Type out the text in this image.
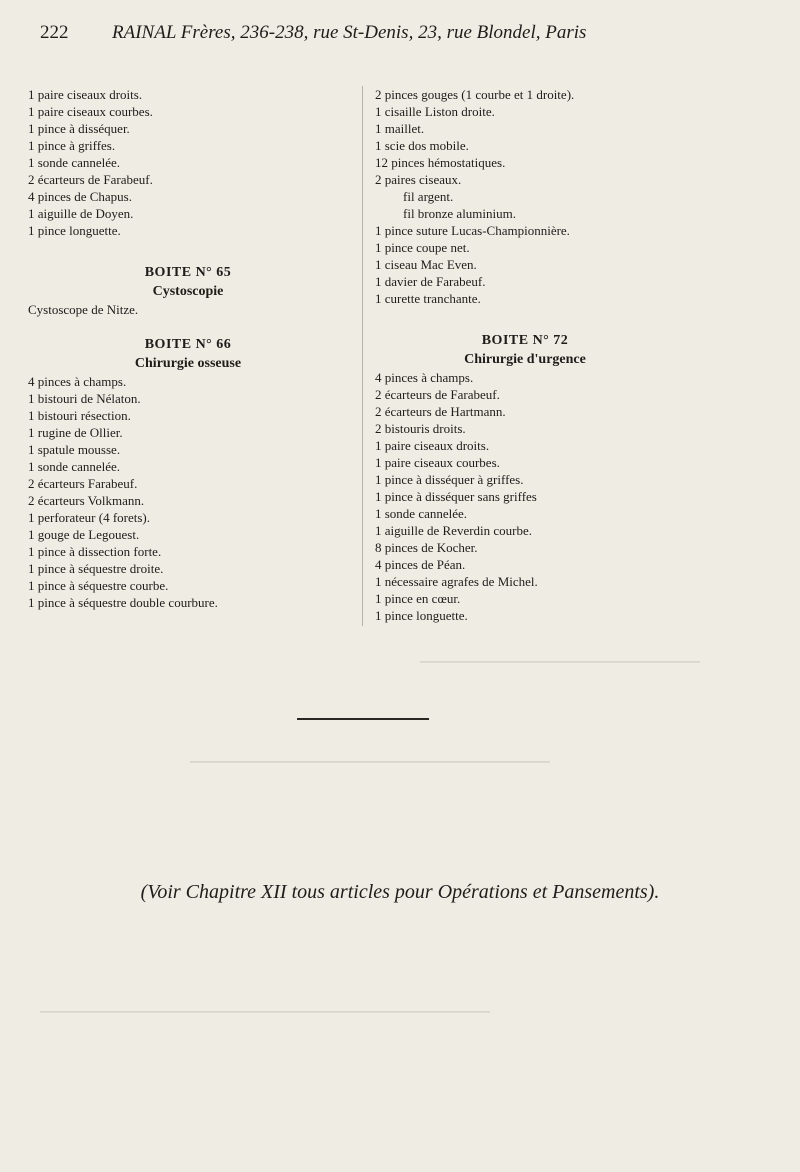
▔▔▔▔▔▔▔▔▔▔▔▔▔▔▔▔▔▔▔▔▔▔▔▔▔▔▔▔
▔▔▔▔▔▔▔▔▔▔▔▔▔▔▔▔▔▔▔▔▔▔▔▔▔▔▔▔▔▔▔▔▔▔▔▔
▔▔▔▔▔▔▔▔▔▔▔▔▔▔▔▔▔▔▔▔▔▔▔▔▔▔▔▔▔▔▔▔▔▔▔▔▔▔▔▔▔▔▔▔▔
222 RAINAL Frères, 236-238, rue St-Denis, 23, rue Blondel, Paris
1 paire ciseaux droits.
1 paire ciseaux courbes.
1 pince à disséquer.
1 pince à griffes.
1 sonde cannelée.
2 écarteurs de Farabeuf.
4 pinces de Chapus.
1 aiguille de Doyen.
1 pince longuette.
BOITE N° 65
Cystoscopie
Cystoscope de Nitze.
BOITE N° 66
Chirurgie osseuse
4 pinces à champs.
1 bistouri de Nélaton.
1 bistouri résection.
1 rugine de Ollier.
1 spatule mousse.
1 sonde cannelée.
2 écarteurs Farabeuf.
2 écarteurs Volkmann.
1 perforateur (4 forets).
1 gouge de Legouest.
1 pince à dissection forte.
1 pince à séquestre droite.
1 pince à séquestre courbe.
1 pince à séquestre double courbure.
2 pinces gouges (1 courbe et 1 droite).
1 cisaille Liston droite.
1 maillet.
1 scie dos mobile.
12 pinces hémostatiques.
2 paires ciseaux.
fil argent.
fil bronze aluminium.
1 pince suture Lucas-Championnière.
1 pince coupe net.
1 ciseau Mac Even.
1 davier de Farabeuf.
1 curette tranchante.
BOITE N° 72
Chirurgie d'urgence
4 pinces à champs.
2 écarteurs de Farabeuf.
2 écarteurs de Hartmann.
2 bistouris droits.
1 paire ciseaux droits.
1 paire ciseaux courbes.
1 pince à disséquer à griffes.
1 pince à disséquer sans griffes
1 sonde cannelée.
1 aiguille de Reverdin courbe.
8 pinces de Kocher.
4 pinces de Péan.
1 nécessaire agrafes de Michel.
1 pince en cœur.
1 pince longuette.
(Voir Chapitre XII tous articles pour Opérations et Pansements).
